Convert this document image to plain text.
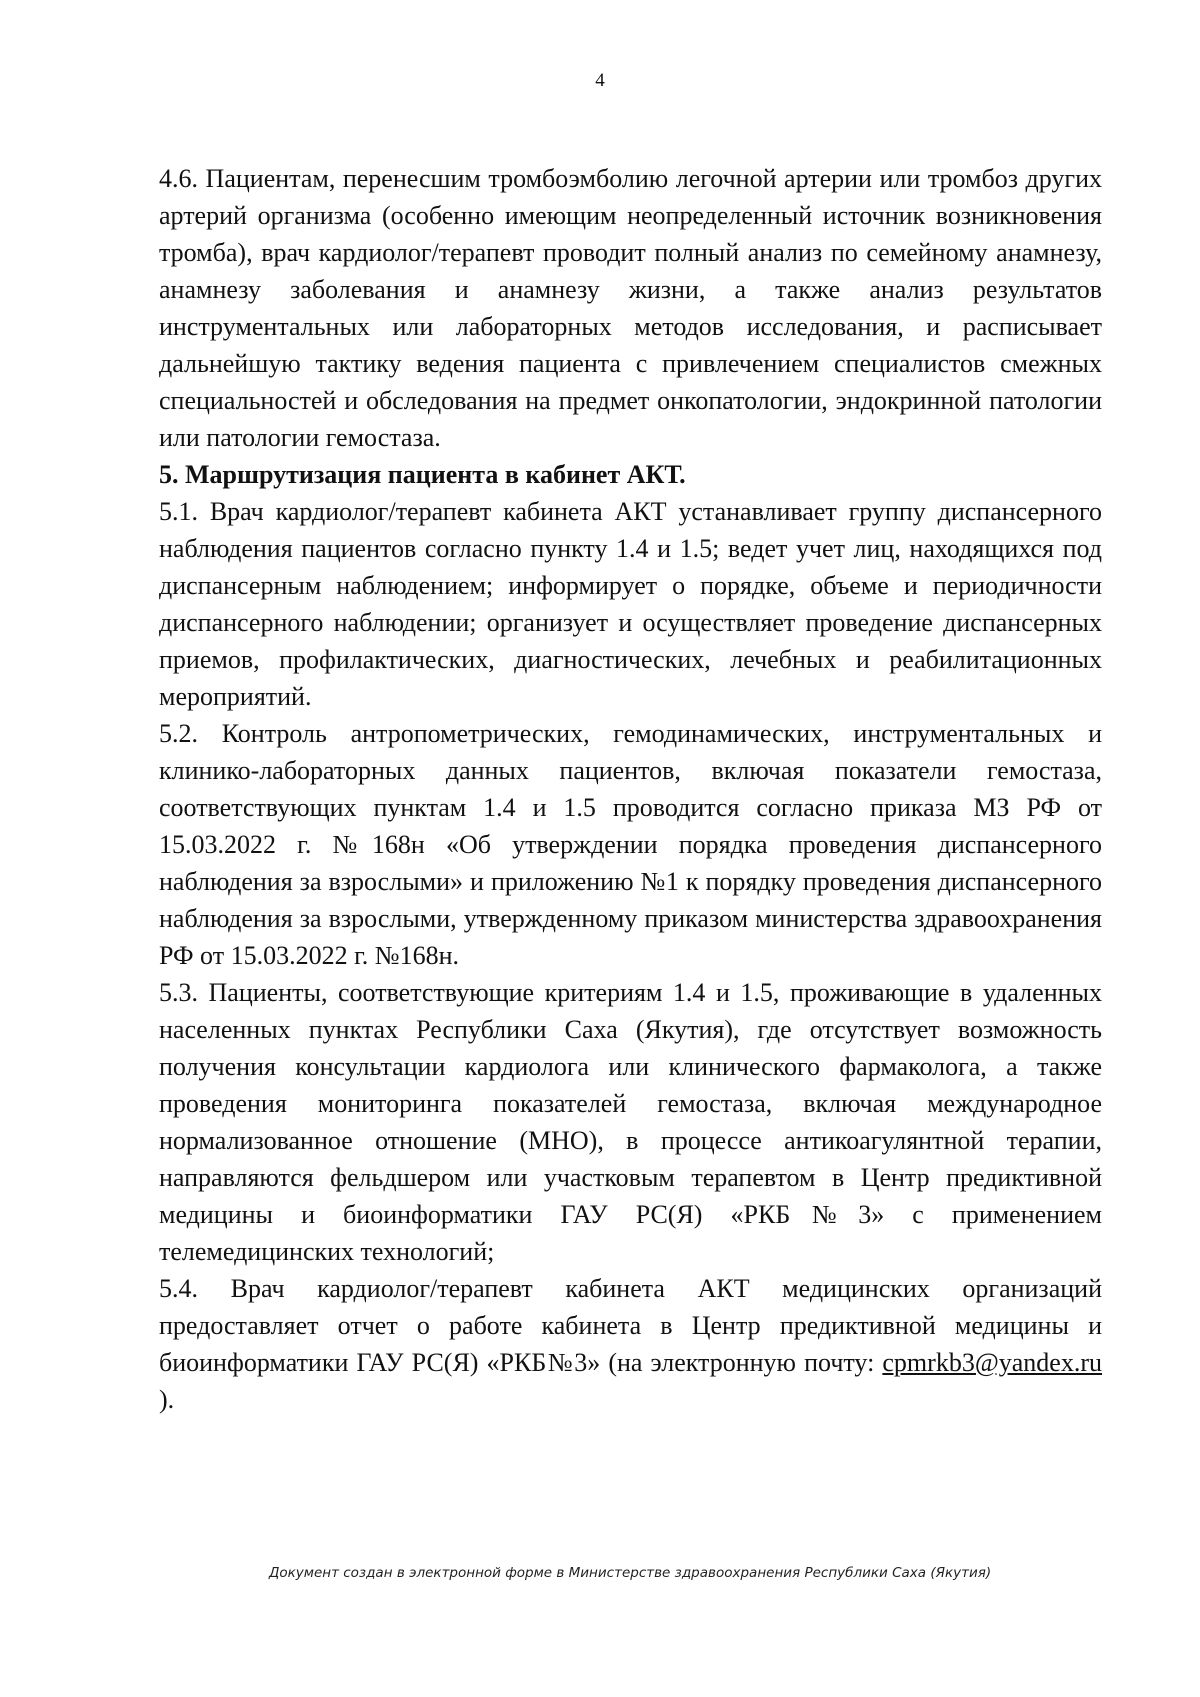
4

4.6. Пациентам, перенесшим тромбоэмболию легочной артерии или тромбоз других артерий организма (особенно имеющим неопределенный источник возникновения тромба), врач кардиолог/терапевт проводит полный анализ по семейному анамнезу, анамнезу заболевания и анамнезу жизни, а также анализ результатов инструментальных или лабораторных методов исследования, и расписывает дальнейшую тактику ведения пациента с привлечением специалистов смежных специальностей и обследования на предмет онкопатологии, эндокринной патологии или патологии гемостаза.

5. Маршрутизация пациента в кабинет АКТ.

5.1. Врач кардиолог/терапевт кабинета АКТ устанавливает группу диспансерного наблюдения пациентов согласно пункту 1.4 и 1.5; ведет учет лиц, находящихся под диспансерным наблюдением; информирует о порядке, объеме и периодичности диспансерного наблюдении; организует и осуществляет проведение диспансерных приемов, профилактических, диагностических, лечебных и реабилитационных мероприятий.

5.2. Контроль антропометрических, гемодинамических, инструментальных и клинико-лабораторных данных пациентов, включая показатели гемостаза, соответствующих пунктам 1.4 и 1.5 проводится согласно приказа МЗ РФ от 15.03.2022 г. №168н «Об утверждении порядка проведения диспансерного наблюдения за взрослыми» и приложению №1 к порядку проведения диспансерного наблюдения за взрослыми, утвержденному приказом министерства здравоохранения РФ от 15.03.2022 г. №168н.

5.3. Пациенты, соответствующие критериям 1.4 и 1.5, проживающие в удаленных населенных пунктах Республики Саха (Якутия), где отсутствует возможность получения консультации кардиолога или клинического фармаколога, а также проведения мониторинга показателей гемостаза, включая международное нормализованное отношение (МНО), в процессе антикоагулянтной терапии, направляются фельдшером или участковым терапевтом в Центр предиктивной медицины и биоинформатики ГАУ РС(Я) «РКБ№3» с применением телемедицинских технологий;

5.4. Врач кардиолог/терапевт кабинета АКТ медицинских организаций предоставляет отчет о работе кабинета в Центр предиктивной медицины и биоинформатики ГАУ РС(Я) «РКБ№3» (на электронную почту: cpmrkb3@yandex.ru ).

Документ создан в электронной форме в Министерстве здравоохранения Республики Саха (Якутия)
